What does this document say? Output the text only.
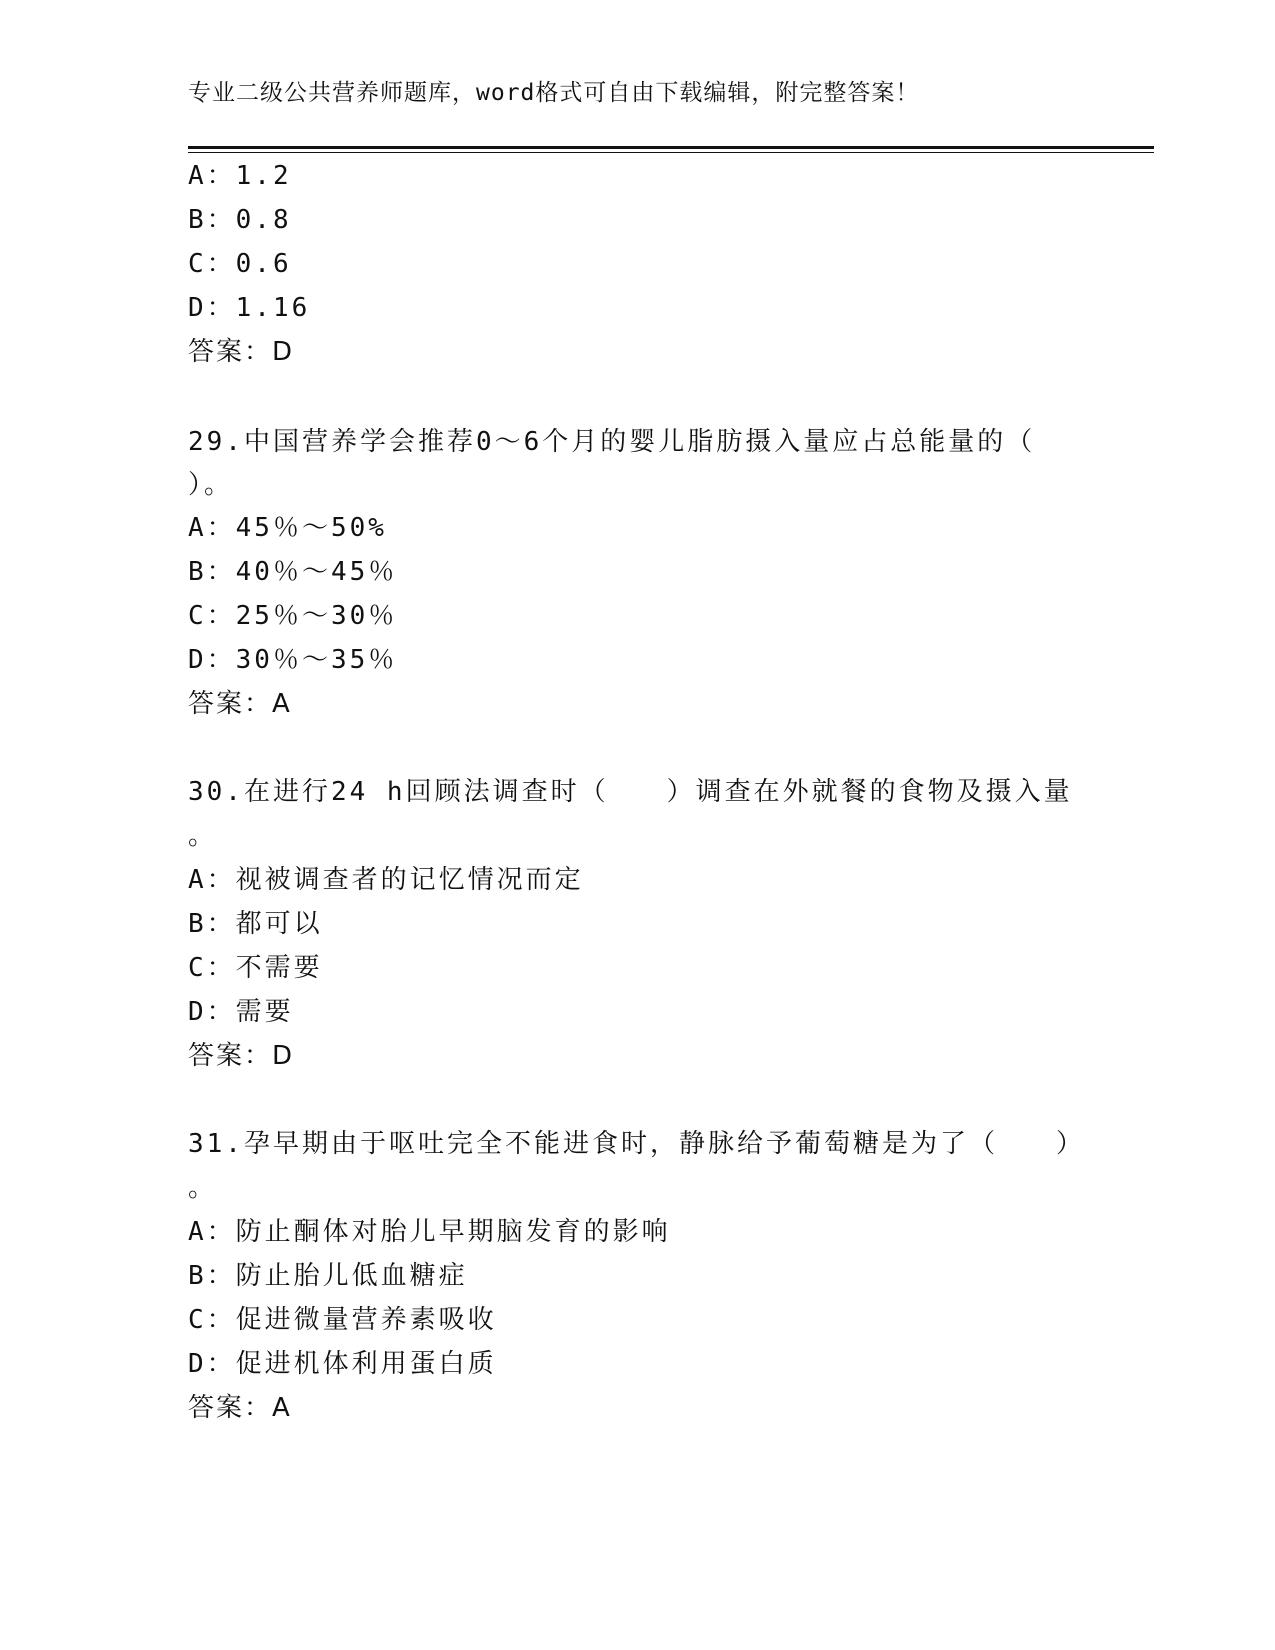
专业二级公共营养师题库，word格式可自由下载编辑，附完整答案！
A：1.2
B：0.8
C：0.6
D：1.16
答案：D
29.中国营养学会推荐0～6个月的婴儿脂肪摄入量应占总能量的（
）。
A：45％～50%
B：40％～45％
C：25％～30％
D：30％～35％
答案：A
30.在进行24 h回顾法调查时（　　）调查在外就餐的食物及摄入量
。
A：视被调查者的记忆情况而定
B：都可以
C：不需要
D：需要
答案：D
31.孕早期由于呕吐完全不能进食时，静脉给予葡萄糖是为了（　　）
。
A：防止酮体对胎儿早期脑发育的影响
B：防止胎儿低血糖症
C：促进微量营养素吸收
D：促进机体利用蛋白质
答案：A
